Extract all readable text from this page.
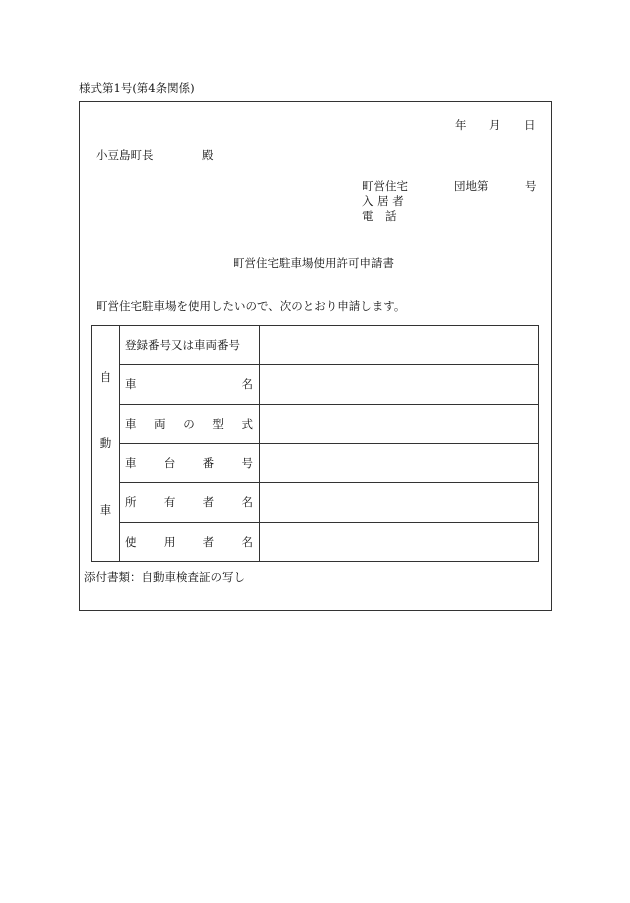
様式第1号(第4条関係)
年 月 日
小豆島町長	殿
町営住宅	団地第	号
入 居 者
電　話
町営住宅駐車場使用許可申請書
町営住宅駐車場を使用したいので、次のとおり申請します。
自
動
車	登録番号又は車両番号	

	車 名	

	車 両 の 型 式	

	車 台 番 号	

	所 有 者 名	

	使 用 者 名	

添付書類：自動車検査証の写し
